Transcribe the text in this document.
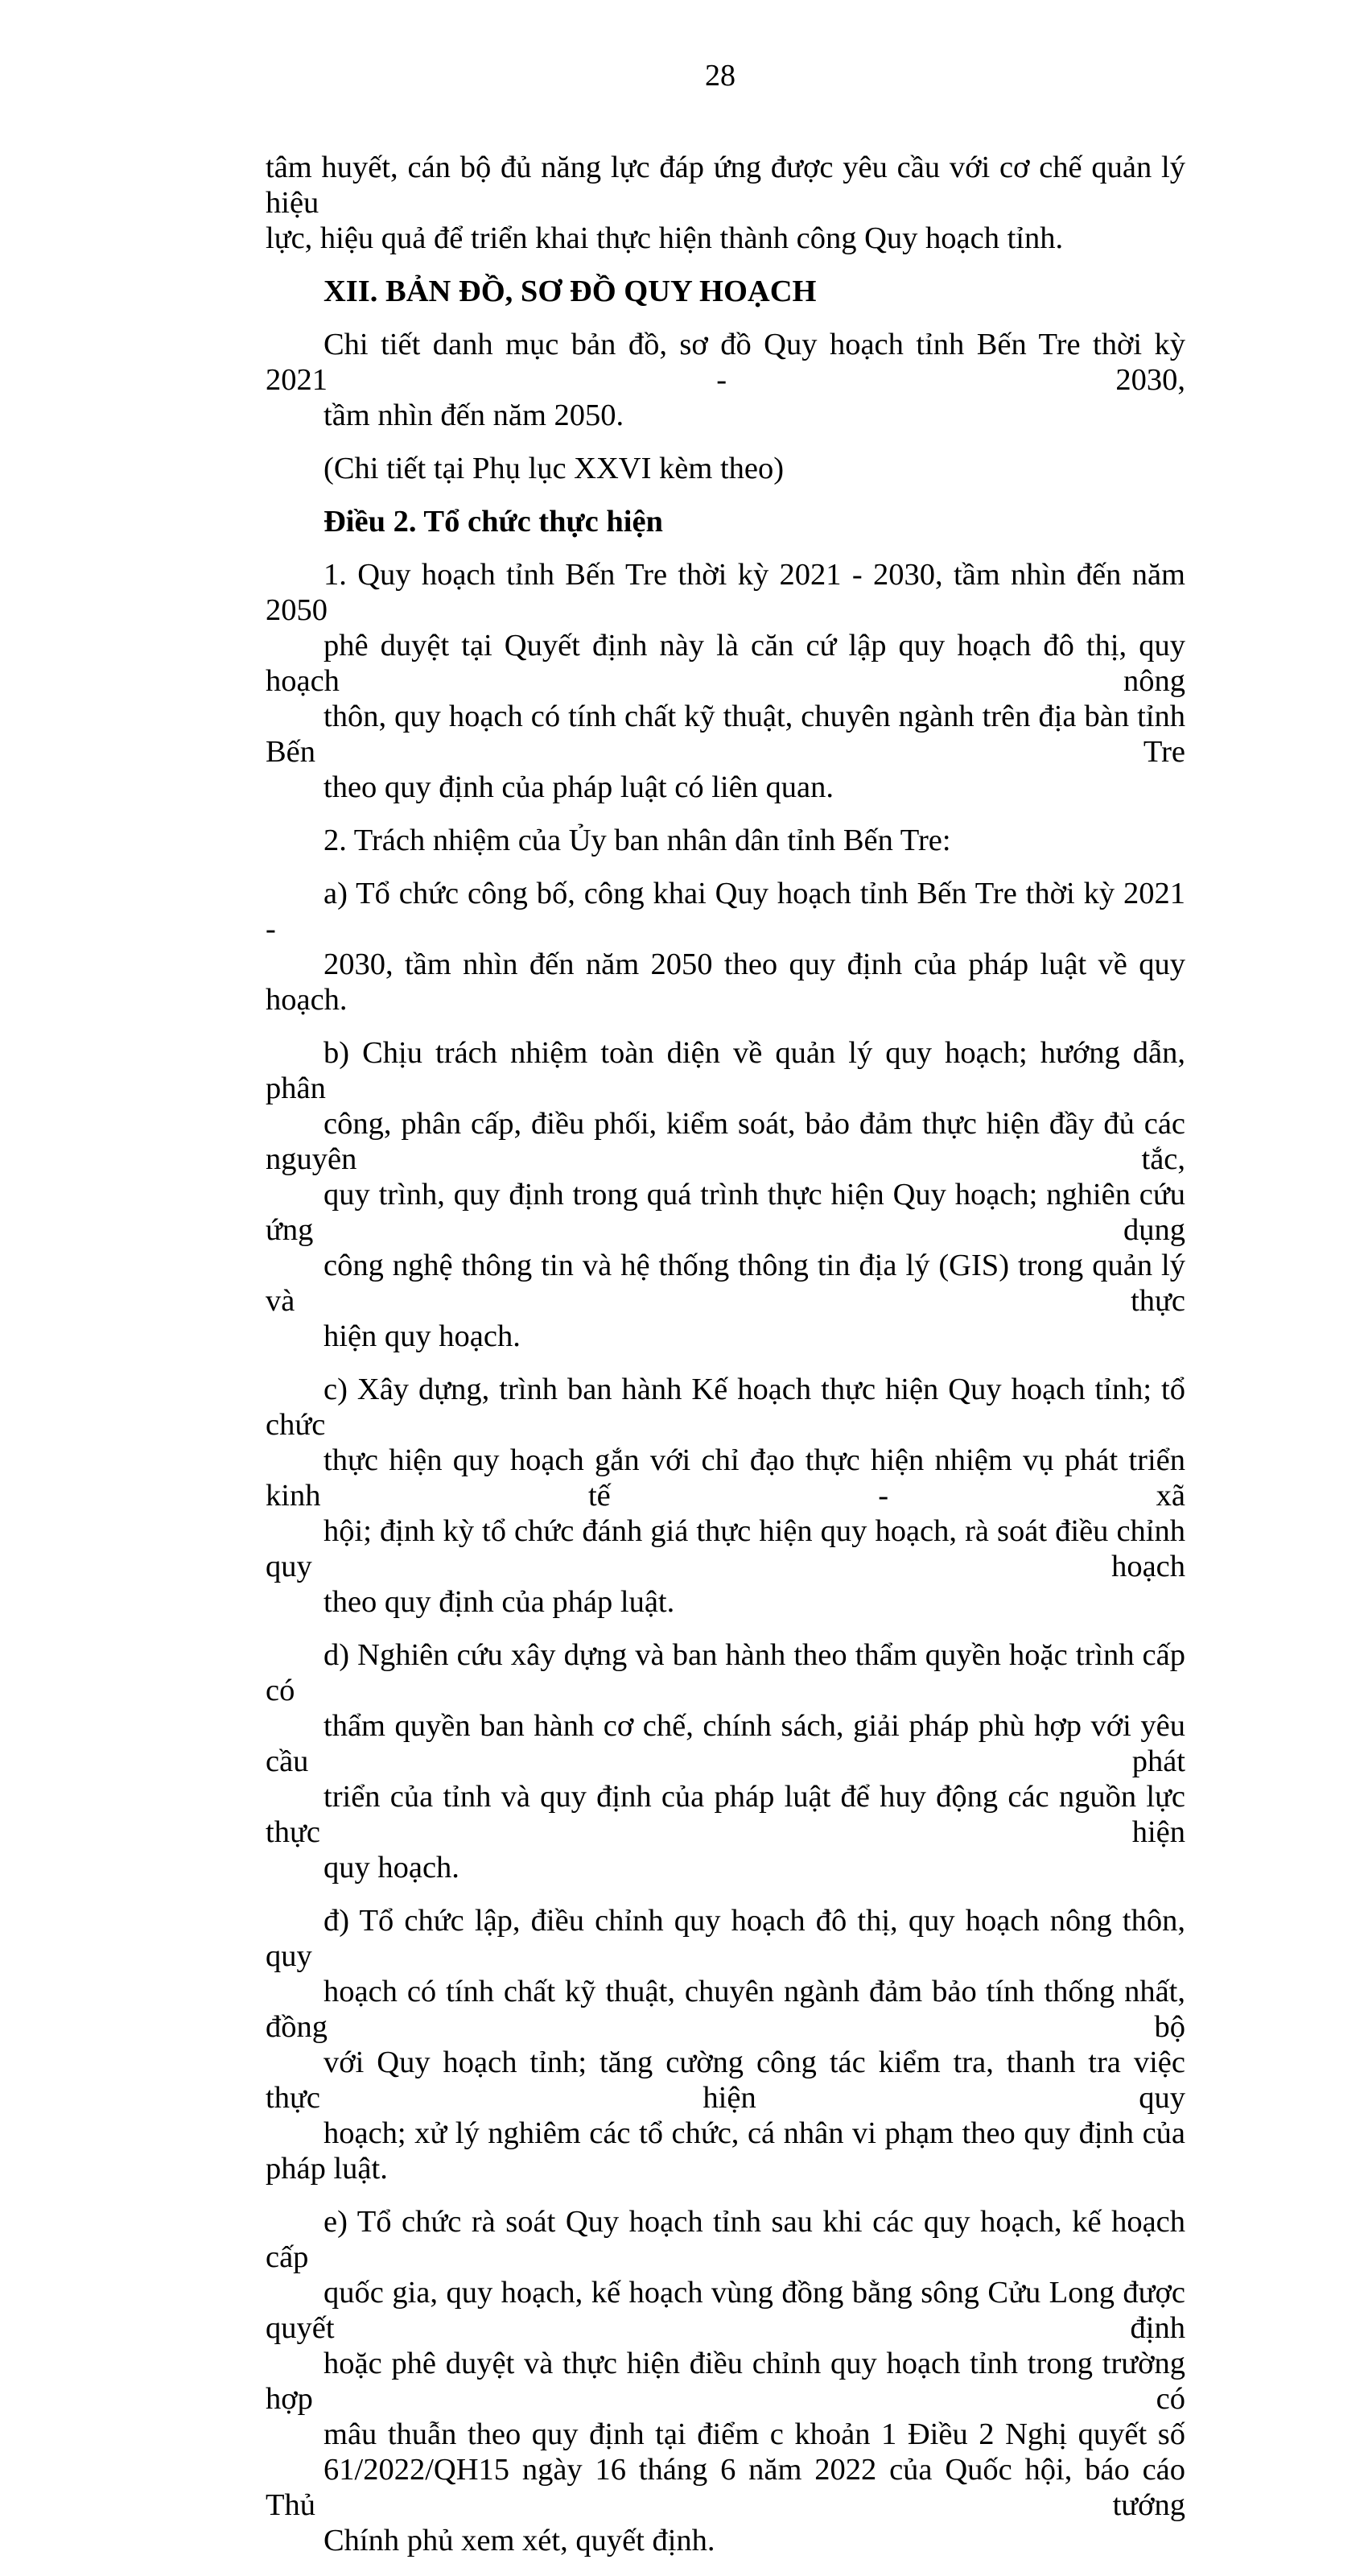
28
tâm huyết, cán bộ đủ năng lực đáp ứng được yêu cầu với cơ chế quản lý hiệu
lực, hiệu quả để triển khai thực hiện thành công Quy hoạch tỉnh.
XII. BẢN ĐỒ, SƠ ĐỒ QUY HOẠCH
Chi tiết danh mục bản đồ, sơ đồ Quy hoạch tỉnh Bến Tre thời kỳ 2021 - 2030,
tầm nhìn đến năm 2050.
(Chi tiết tại Phụ lục XXVI kèm theo)
Điều 2. Tổ chức thực hiện
1. Quy hoạch tỉnh Bến Tre thời kỳ 2021 - 2030, tầm nhìn đến năm 2050
phê duyệt tại Quyết định này là căn cứ lập quy hoạch đô thị, quy hoạch nông
thôn, quy hoạch có tính chất kỹ thuật, chuyên ngành trên địa bàn tỉnh Bến Tre
theo quy định của pháp luật có liên quan.
2. Trách nhiệm của Ủy ban nhân dân tỉnh Bến Tre:
a) Tổ chức công bố, công khai Quy hoạch tỉnh Bến Tre thời kỳ 2021 -
2030, tầm nhìn đến năm 2050 theo quy định của pháp luật về quy hoạch.
b) Chịu trách nhiệm toàn diện về quản lý quy hoạch; hướng dẫn, phân
công, phân cấp, điều phối, kiểm soát, bảo đảm thực hiện đầy đủ các nguyên tắc,
quy trình, quy định trong quá trình thực hiện Quy hoạch; nghiên cứu ứng dụng
công nghệ thông tin và hệ thống thông tin địa lý (GIS) trong quản lý và thực
hiện quy hoạch.
c) Xây dựng, trình ban hành Kế hoạch thực hiện Quy hoạch tỉnh; tổ chức
thực hiện quy hoạch gắn với chỉ đạo thực hiện nhiệm vụ phát triển kinh tế - xã
hội; định kỳ tổ chức đánh giá thực hiện quy hoạch, rà soát điều chỉnh quy hoạch
theo quy định của pháp luật.
d) Nghiên cứu xây dựng và ban hành theo thẩm quyền hoặc trình cấp có
thẩm quyền ban hành cơ chế, chính sách, giải pháp phù hợp với yêu cầu phát
triển của tỉnh và quy định của pháp luật để huy động các nguồn lực thực hiện
quy hoạch.
đ) Tổ chức lập, điều chỉnh quy hoạch đô thị, quy hoạch nông thôn, quy
hoạch có tính chất kỹ thuật, chuyên ngành đảm bảo tính thống nhất, đồng bộ
với Quy hoạch tỉnh; tăng cường công tác kiểm tra, thanh tra việc thực hiện quy
hoạch; xử lý nghiêm các tổ chức, cá nhân vi phạm theo quy định của pháp luật.
e) Tổ chức rà soát Quy hoạch tỉnh sau khi các quy hoạch, kế hoạch cấp
quốc gia, quy hoạch, kế hoạch vùng đồng bằng sông Cửu Long được quyết định
hoặc phê duyệt và thực hiện điều chỉnh quy hoạch tỉnh trong trường hợp có
mâu thuẫn theo quy định tại điểm c khoản 1 Điều 2 Nghị quyết số
61/2022/QH15 ngày 16 tháng 6 năm 2022 của Quốc hội, báo cáo Thủ tướng
Chính phủ xem xét, quyết định.
